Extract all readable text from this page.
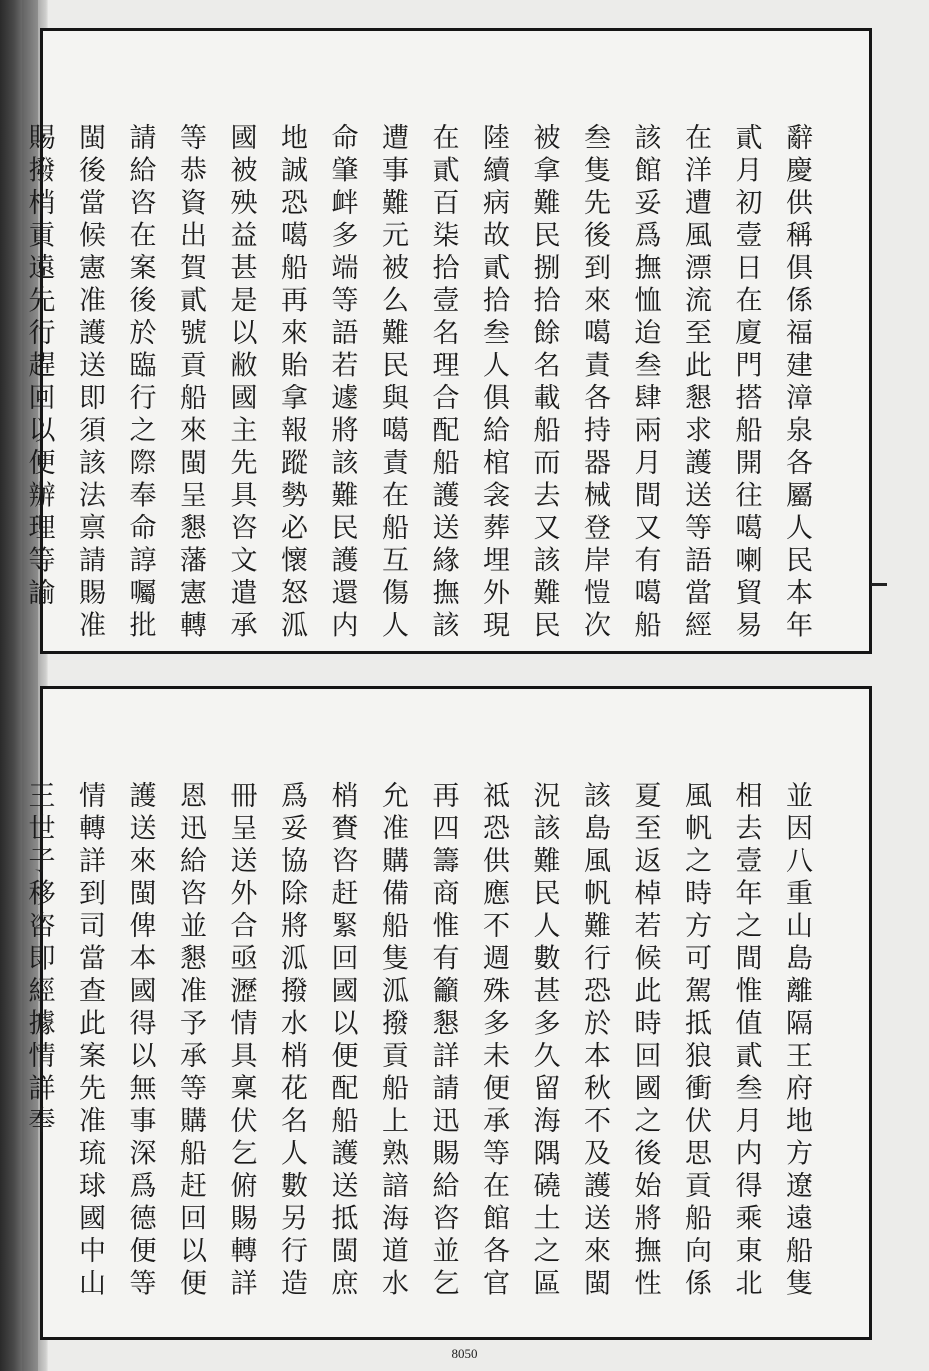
辭慶供稱俱係福建漳泉各屬人民本年
貳月初壹日在廈門搭船開往噶喇貿易
在洋遭風漂流至此懇求護送等語當經
該館妥爲撫恤迨叁肆兩月間又有噶船
叁隻先後到來噶責各持器械登岸愷次
被拿難民捌拾餘名載船而去又該難民
陸續病故貳拾叁人俱給棺衾葬埋外現
在貳百柒拾壹名理合配船護送緣撫該
遭事難元被么難民與噶責在船互傷人
命肇衅多端等語若遽將該難民護還内
地誠恐噶船再來貽拿報蹤勢必懷怒泒
國被殃益甚是以敝國主先具咨文遣承
等恭資出賀貳號貢船來閩呈懇藩憲轉
請給咨在案後於臨行之際奉命諄囑批
閩後當候憲准護送即須該法禀請賜准
賜撥梢貢遠先行趕回以便辦理等諭
並因八重山島離隔王府地方遼遠船隻
相去壹年之間惟值貳叁月内得乘東北
風帆之時方可駕抵狼衝伏思貢船向係
夏至返棹若候此時回國之後始將撫性
該島風帆難行恐於本秋不及護送來閩
況該難民人數甚多久留海隅磽土之區
祗恐供應不週殊多未便承等在館各官
再四籌商惟有籲懇詳請迅賜給咨並乞
允准購備船隻泒撥貢船上熟諳海道水
梢賚咨赶緊回國以便配船護送抵閩庶
爲妥協除將泒撥水梢花名人數另行造
冊呈送外合亟瀝情具稟伏乞俯賜轉詳
恩迅給咨並懇准予承等購船赶回以便
護送來閩俾本國得以無事深爲德便等
情轉詳到司當查此案先准琉球國中山
王世子移咨即經據情詳奉
8050
